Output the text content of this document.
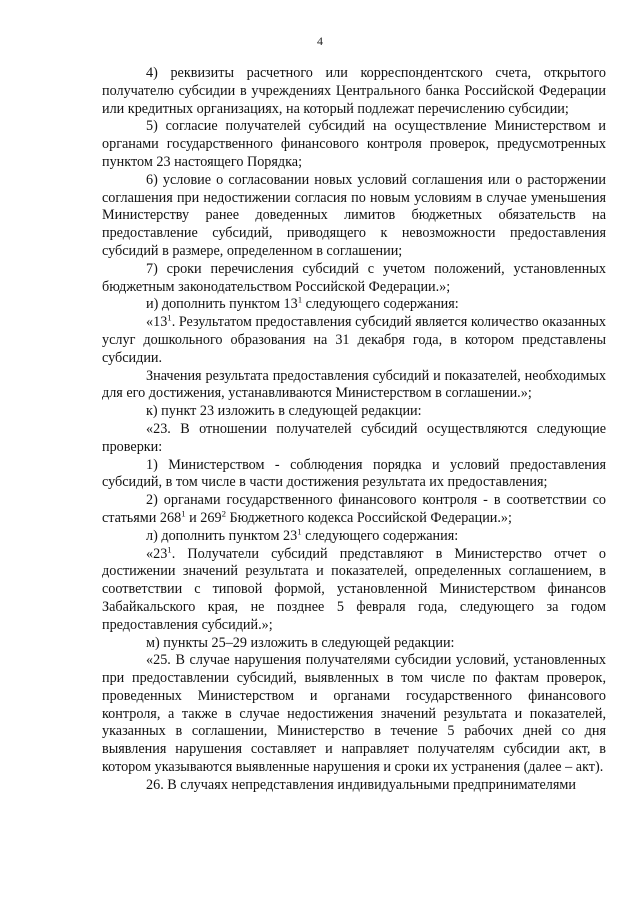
4

4) реквизиты расчетного или корреспондентского счета, открытого получателю субсидии в учреждениях Центрального банка Российской Федерации или кредитных организациях, на который подлежат перечислению субсидии;

5) согласие получателей субсидий на осуществление Министерством и органами государственного финансового контроля проверок, предусмотренных пунктом 23 настоящего Порядка;

6) условие о согласовании новых условий соглашения или о расторжении соглашения при недостижении согласия по новым условиям в случае уменьшения Министерству ранее доведенных лимитов бюджетных обязательств на предоставление субсидий, приводящего к невозможности предоставления субсидий в размере, определенном в соглашении;

7) сроки перечисления субсидий с учетом положений, установленных бюджетным законодательством Российской Федерации.»;

и) дополнить пунктом $13^1$ следующего содержания:

«$13^1$. Результатом предоставления субсидий является количество оказанных услуг дошкольного образования на 31 декабря года, в котором представлены субсидии.

Значения результата предоставления субсидий и показателей, необходимых для его достижения, устанавливаются Министерством в соглашении.»;

к) пункт 23 изложить в следующей редакции:

«23. В отношении получателей субсидий осуществляются следующие проверки:

1) Министерством - соблюдения порядка и условий предоставления субсидий, в том числе в части достижения результата их предоставления;

2) органами государственного финансового контроля - в соответствии со статьями $268^1$ и $269^2$ Бюджетного кодекса Российской Федерации.»;

л) дополнить пунктом $23^1$ следующего содержания:

«$23^1$. Получатели субсидий представляют в Министерство отчет о достижении значений результата и показателей, определенных соглашением, в соответствии с типовой формой, установленной Министерством финансов Забайкальского края, не позднее 5 февраля года, следующего за годом предоставления субсидий.»;

м) пункты 25–29 изложить в следующей редакции:

«25. В случае нарушения получателями субсидии условий, установленных при предоставлении субсидий, выявленных в том числе по фактам проверок, проведенных Министерством и органами государственного финансового контроля, а также в случае недостижения значений результата и показателей, указанных в соглашении, Министерство в течение 5 рабочих дней со дня выявления нарушения составляет и направляет получателям субсидии акт, в котором указываются выявленные нарушения и сроки их устранения (далее – акт).

26. В случаях непредставления индивидуальными предпринимателями
